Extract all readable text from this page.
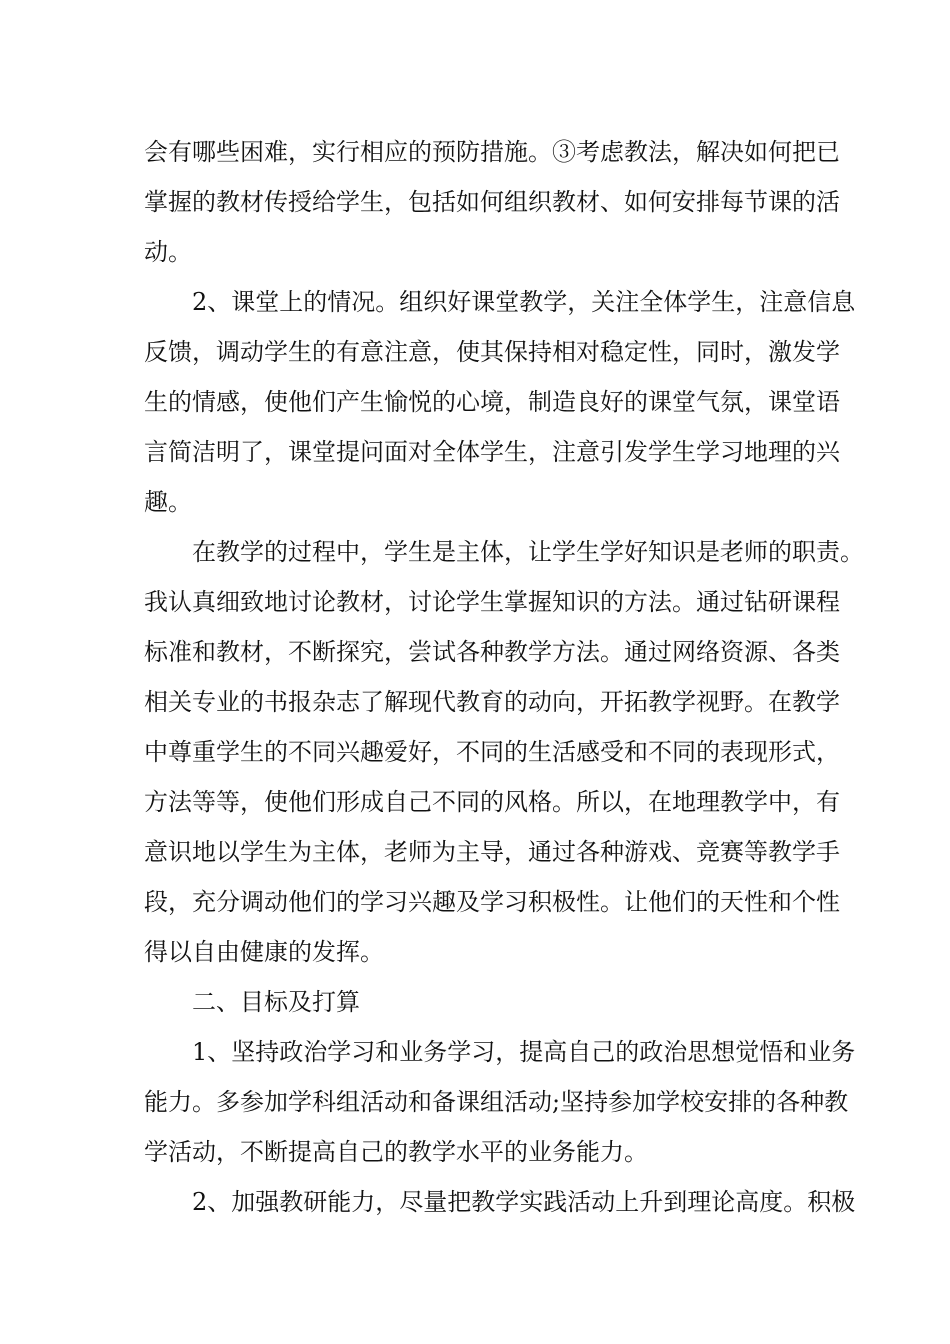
会有哪些困难，实行相应的预防措施。③考虑教法，解决如何把已
掌握的教材传授给学生，包括如何组织教材、如何安排每节课的活
动。
2、课堂上的情况。组织好课堂教学，关注全体学生，注意信息
反馈，调动学生的有意注意，使其保持相对稳定性，同时，激发学
生的情感，使他们产生愉悦的心境，制造良好的课堂气氛，课堂语
言简洁明了，课堂提问面对全体学生，注意引发学生学习地理的兴
趣。
在教学的过程中，学生是主体，让学生学好知识是老师的职责。
我认真细致地讨论教材，讨论学生掌握知识的方法。通过钻研课程
标准和教材，不断探究，尝试各种教学方法。通过网络资源、各类
相关专业的书报杂志了解现代教育的动向，开拓教学视野。在教学
中尊重学生的不同兴趣爱好，不同的生活感受和不同的表现形式，
方法等等，使他们形成自己不同的风格。所以，在地理教学中，有
意识地以学生为主体，老师为主导，通过各种游戏、竞赛等教学手
段，充分调动他们的学习兴趣及学习积极性。让他们的天性和个性
得以自由健康的发挥。
二、目标及打算
1、坚持政治学习和业务学习，提高自己的政治思想觉悟和业务
能力。多参加学科组活动和备课组活动;坚持参加学校安排的各种教
学活动，不断提高自己的教学水平的业务能力。
2、加强教研能力，尽量把教学实践活动上升到理论高度。积极
